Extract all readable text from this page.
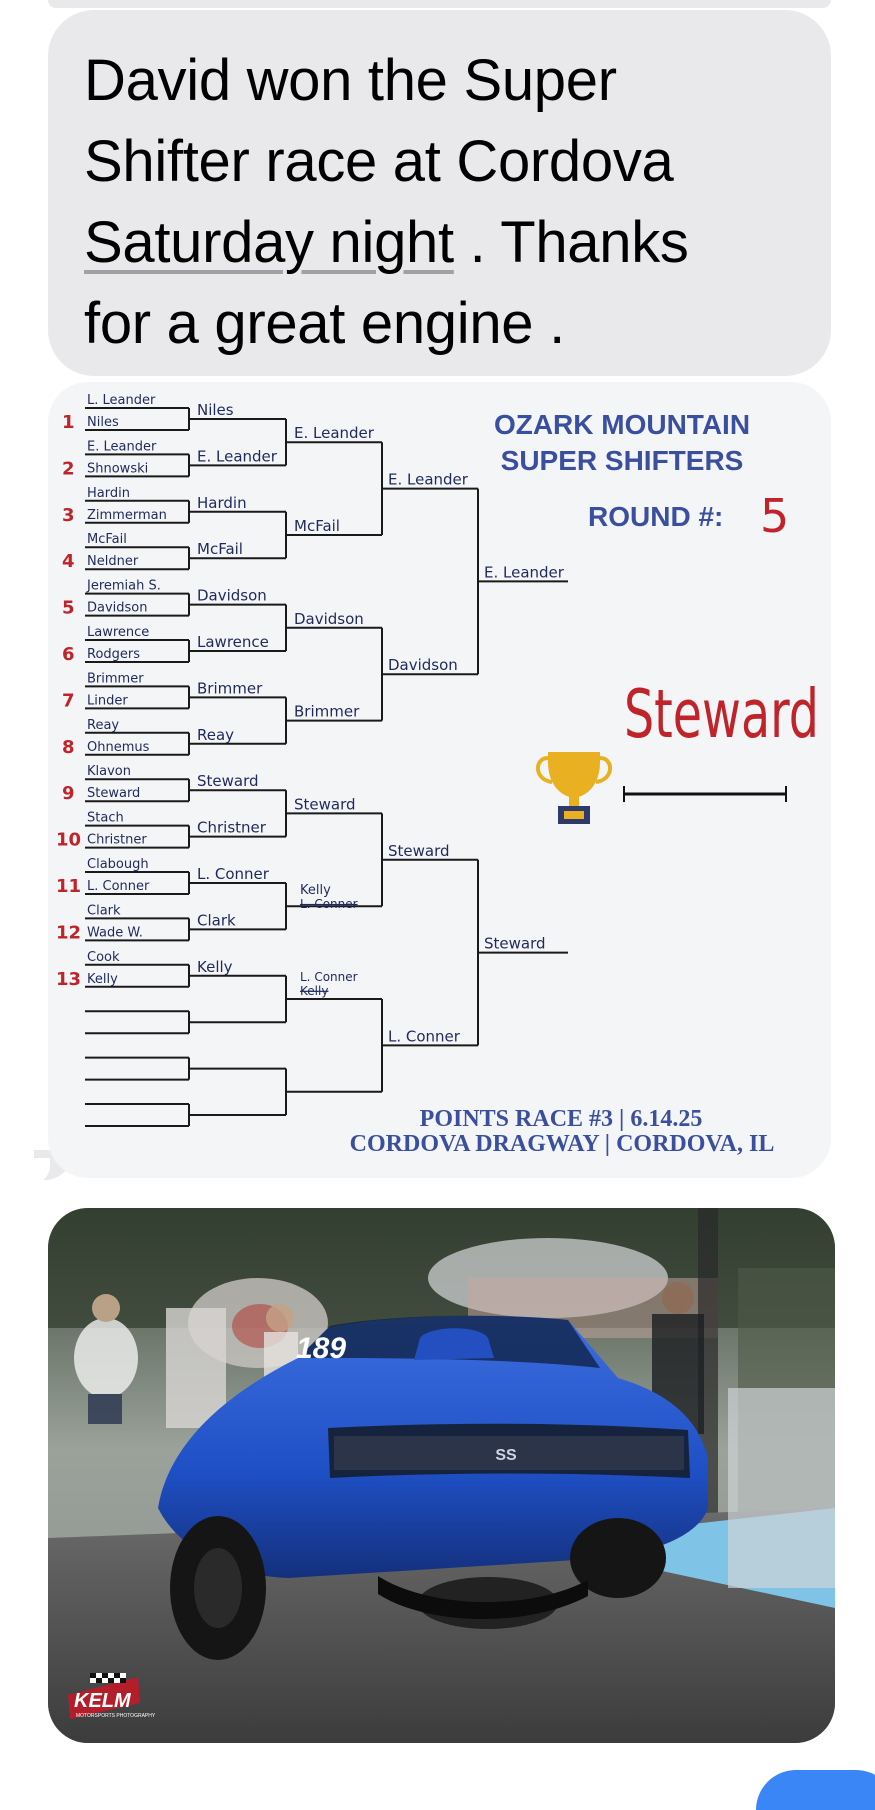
David won the Super
Shifter race at Cordova
Saturday night . Thanks
for a great engine .

L. Leander
Niles
1
E. Leander
Shnowski
2
Hardin
Zimmerman
3
McFail
Neldner
4
Jeremiah S.
Davidson
5
Lawrence
Rodgers
6
Brimmer
Linder
7
Reay
Ohnemus
8
Klavon
Steward
9
Stach
Christner
10
Clabough
L. Conner
11
Clark
Wade W.
12
Cook
Kelly
13
Niles
E. Leander
Hardin
McFail
Davidson
Lawrence
Brimmer
Reay
Steward
Christner
L. Conner
Clark
Kelly
E. Leander
McFail
Davidson
Brimmer
Steward
Kelly
L. Conner
L. Conner
Kelly
E. Leander
Davidson
Steward
L. Conner
E. Leander
Steward
OZARK MOUNTAIN
SUPER SHIFTERS
ROUND #: 5
Steward
POINTS RACE #3 | 6.14.25
CORDOVA DRAGWAY | CORDOVA, IL
SS
189
KELM
MOTORSPORTS PHOTOGRAPHY
